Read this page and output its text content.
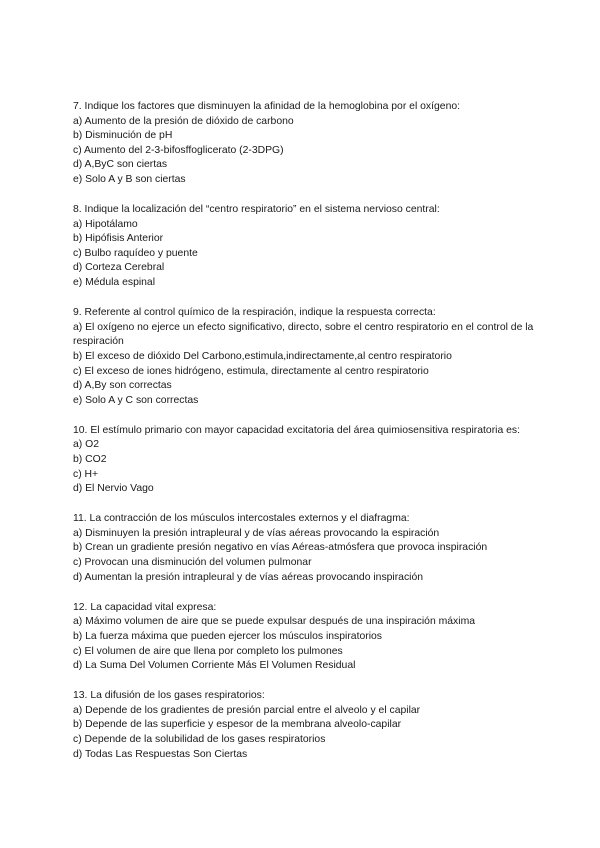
7. Indique los factores que disminuyen la afinidad de la hemoglobina por el oxígeno:

a) Aumento de la presión de dióxido de carbono

b) Disminución de pH

c) Aumento del 2-3-bifosffoglicerato (2-3DPG)

d) A,ByC son ciertas

e) Solo A y B son ciertas

8. Indique la localización del “centro respiratorio” en el sistema nervioso central:

a) Hipotálamo

b) Hipófisis Anterior

c) Bulbo raquídeo y puente

d) Corteza Cerebral

e) Médula espinal

9. Referente al control químico de la respiración, indique la respuesta correcta:

a) El oxígeno no ejerce un efecto significativo, directo, sobre el centro respiratorio en el control de la respiración

b) El exceso de dióxido Del Carbono,estimula,indirectamente,al centro respiratorio

c) El exceso de iones hidrógeno, estimula, directamente al centro respiratorio

d) A,By son correctas

e) Solo A y C son correctas

10. El estímulo primario con mayor capacidad excitatoria del área quimiosensitiva respiratoria es:

a) O2

b) CO2

c) H+

d) El Nervio Vago

11. La contracción de los músculos intercostales externos y el diafragma:

a) Disminuyen la presión intrapleural y de vías aéreas provocando la espiración

b) Crean un gradiente presión negativo en vías Aéreas-atmósfera que provoca inspiración

c) Provocan una disminución del volumen pulmonar

d) Aumentan la presión intrapleural y de vías aéreas provocando inspiración

12. La capacidad vital expresa:

a) Máximo volumen de aire que se puede expulsar después de una inspiración máxima

b) La fuerza máxima que pueden ejercer los músculos inspiratorios

c) El volumen de aire que llena por completo los pulmones

d) La Suma Del Volumen Corriente Más El Volumen Residual

13. La difusión de los gases respiratorios:

a) Depende de los gradientes de presión parcial entre el alveolo y el capilar

b) Depende de las superficie y espesor de la membrana alveolo-capilar

c) Depende de la solubilidad de los gases respiratorios

d) Todas Las Respuestas Son Ciertas
